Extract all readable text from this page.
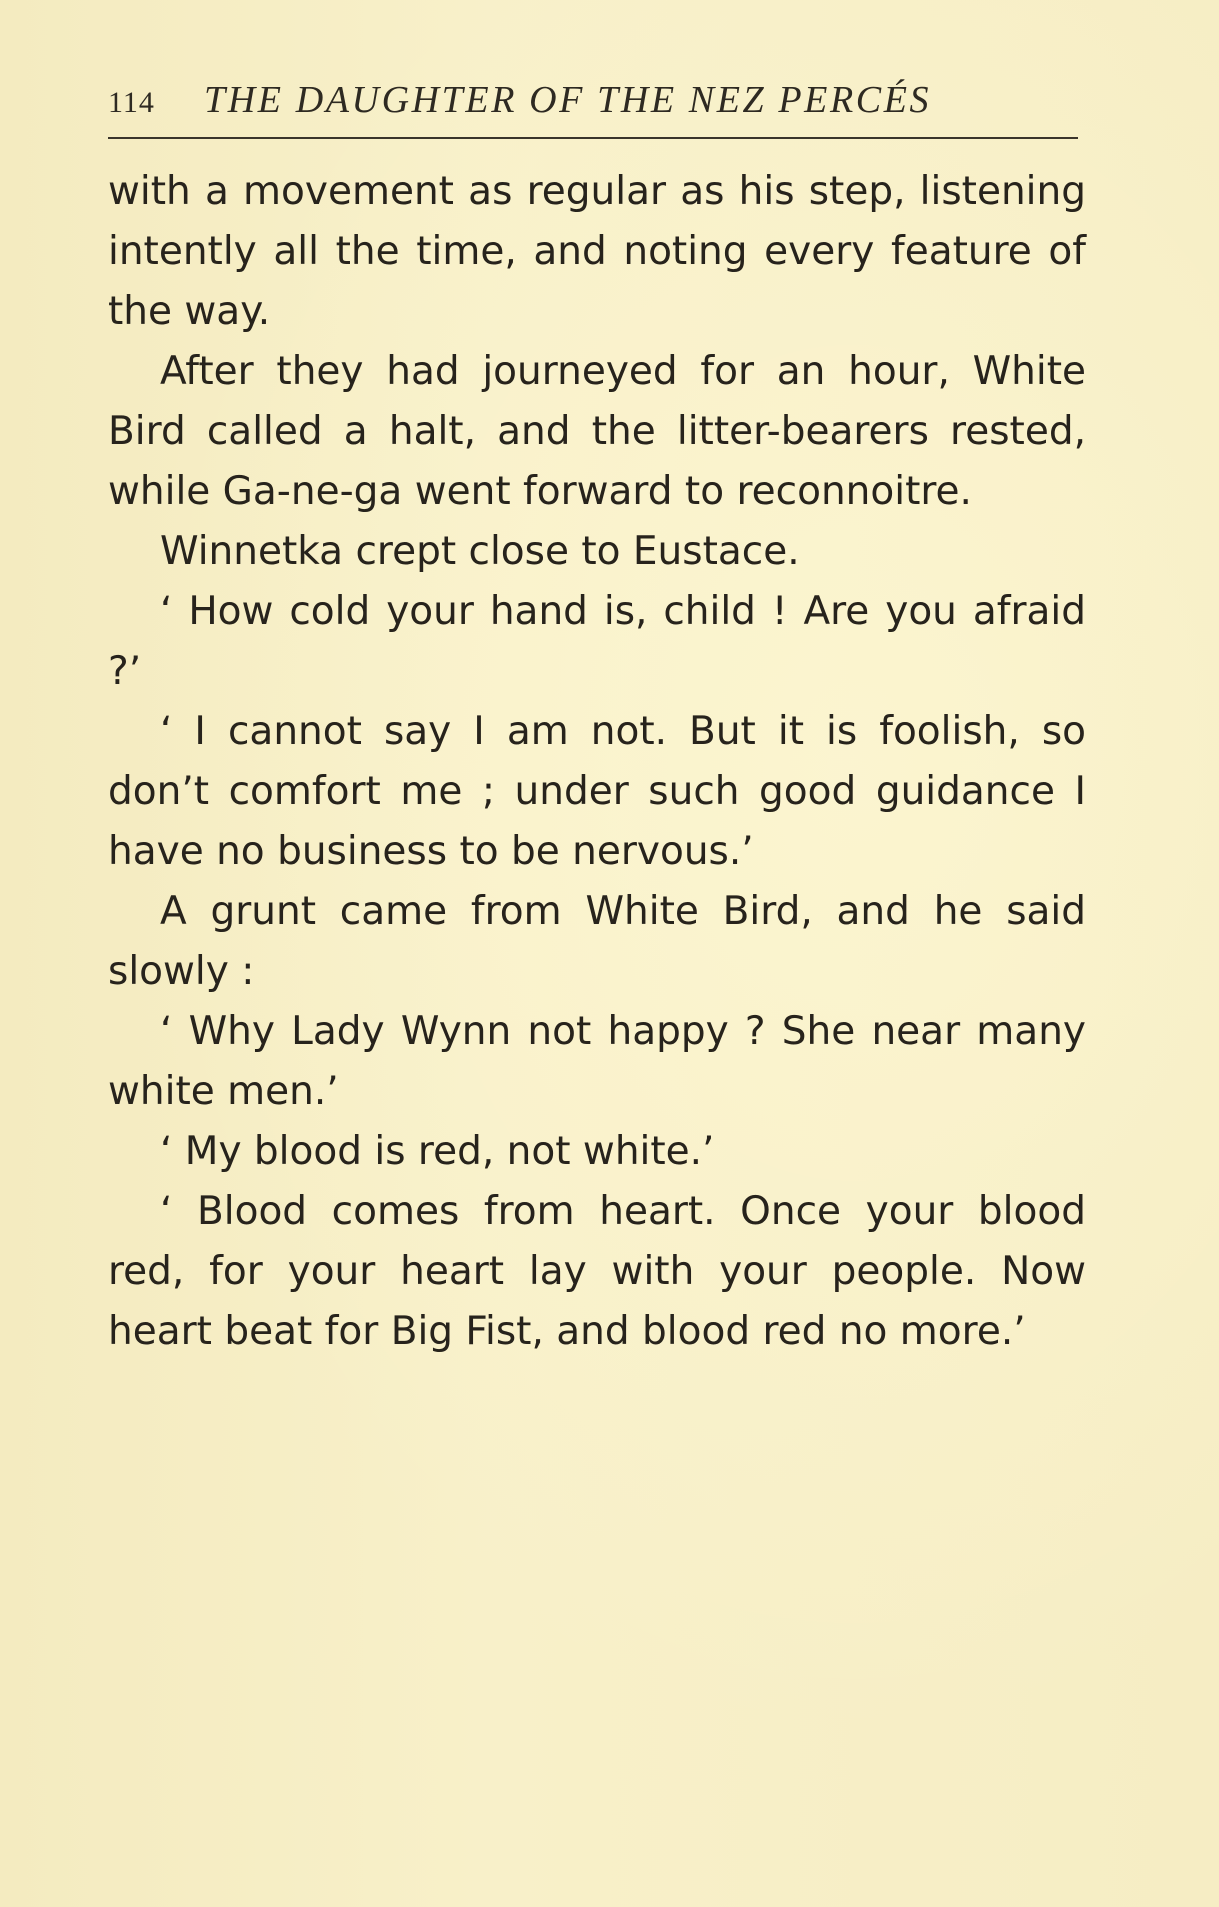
114 THE DAUGHTER OF THE NEZ PERCÉS

with a movement as regular as his step, listening intently all the time, and noting every feature of the way.

After they had journeyed for an hour, White Bird called a halt, and the litter-bearers rested, while Ga-ne-ga went forward to reconnoitre.

Winnetka crept close to Eustace.

‘ How cold your hand is, child ! Are you afraid ?’

‘ I cannot say I am not. But it is foolish, so don’t comfort me ; under such good guidance I have no business to be nervous.’

A grunt came from White Bird, and he said slowly :

‘ Why Lady Wynn not happy ? She near many white men.’

‘ My blood is red, not white.’

‘ Blood comes from heart. Once your blood red, for your heart lay with your people. Now heart beat for Big Fist, and blood red no more.’
